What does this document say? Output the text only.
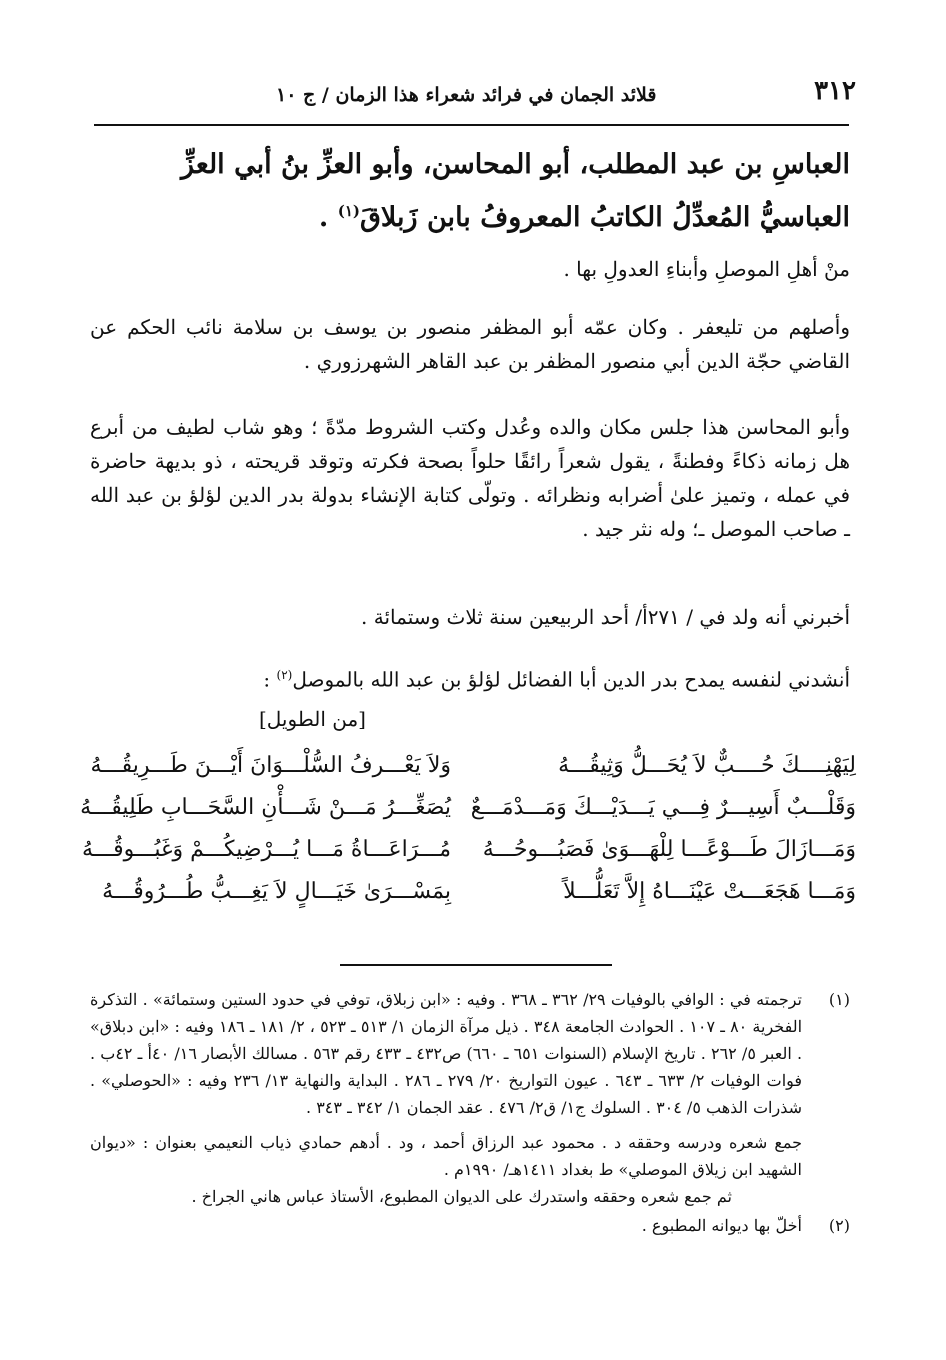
٣١٢
قلائد الجمان في فرائد شعراء هذا الزمان / ج ١٠
العباسِ بن عبد المطلب، أبو المحاسن، وأبو العزِّ بنُ أبي العزِّ العباسيُّ المُعدِّلُ الكاتبُ المعروفُ بابن زَبلاقَ$^{(١)}$ .
منْ أهلِ الموصلِ وأبناءِ العدولِ بها .
وأصلهم من تليعفر . وكان عمّه أبو المظفر منصور بن يوسف بن سلامة نائب الحكم عن القاضي حجّة الدين أبي منصور المظفر بن عبد القاهر الشهرزوري .
وأبو المحاسن هذا جلس مكان والده وعُدل وكتب الشروط مدّةً ؛ وهو شاب لطيف من أبرع هل زمانه ذكاءً وفطنةً ، يقول شعراً رائقًا حلواً بصحة فكرته وتوقد قريحته ، ذو بديهة حاضرة في عمله ، وتميز علىٰ أضرابه ونظرائه . وتولّى كتابة الإنشاء بدولة بدر الدين لؤلؤ بن عبد الله ـ صاحب الموصل ـ؛ وله نثر جيد .
أخبرني أنه ولد في / ٢٧١أ/ أحد الربيعين سنة ثلاث وستمائة .
أنشدني لنفسه يمدح بدر الدين أبا الفضائل لؤلؤ بن عبد الله بالموصل$^{(٢)}$ :
[من الطويل]
لِيَهْنِــــكَ حُــــبٌّ لاَ يُحَـــلُّ وَثِيقُـــهُ
وَلاَ يَعْـــرفُ السُّلْـــوَانَ أَيْـــنَ طَـــرِيقُـــهُ
وَقَلْـــبٌ أَسِيـــرٌ فِـــي يَـــدَيْـــكَ وَمَـــدْمَـــعٌ
يُصَغِّـــرُ مَـــنْ شَـــأْنِ السَّحَـــابِ طَلِيقُـــهُ
وَمَـــازَالَ طَـــوْعًـــا لِلْهَـــوَىٰ فَصَبُـــوحُـــهُ
مُـــرَاعَـــاةُ مَـــا يُـــرْضِيكُـــمْ وَغَبُـــوقُـــهُ
وَمَـــا هَجَعَـــتْ عَيْنَـــاهُ إِلاَّ تَعَلُّـــلاً
بِمَسْـــرَىٰ خَيَـــالٍ لاَ يَغِـــبُّ طُـــرُوقُـــهُ
(١)

ترجمته في : الوافي بالوفيات ٢٩/ ٣٦٢ ـ ٣٦٨ . وفيه : «ابن زبلاق، توفي في حدود الستين وستمائة» . التذكرة الفخرية ٨٠ ـ ١٠٧ . الحوادث الجامعة ٣٤٨ . ذيل مرآة الزمان ١/ ٥١٣ ـ ٥٢٣ ، ٢/ ١٨١ ـ ١٨٦ وفيه : «ابن دبلاق» . العبر ٥/ ٢٦٢ . تاريخ الإسلام (السنوات ٦٥١ ـ ٦٦٠) ص٤٣٢ ـ ٤٣٣ رقم ٥٦٣ . مسالك الأبصار ١٦/ ٤٠أ ـ ٤٢ب . فوات الوفيات ٢/ ٦٣٣ ـ ٦٤٣ . عيون التواريخ ٢٠/ ٢٧٩ ـ ٢٨٦ . البداية والنهاية ١٣/ ٢٣٦ وفيه : «الحوصلي» . شذرات الذهب ٥/ ٣٠٤ . السلوك ج١/ ق٢/ ٤٧٦ . عقد الجمان ١/ ٣٤٢ ـ ٣٤٣ .

جمع شعره ودرسه وحققه د . محمود عبد الرزاق أحمد ، ود . أدهم حمادي ذياب النعيمي بعنوان : «ديوان الشهيد ابن زيلاق الموصلي» ط بغداد ١٤١١هـ/ ١٩٩٠م .

ثم جمع شعره وحققه واستدرك على الديوان المطبوع، الأستاذ عباس هاني الجراخ .

(٢)

أخلّ بها ديوانه المطبوع .
